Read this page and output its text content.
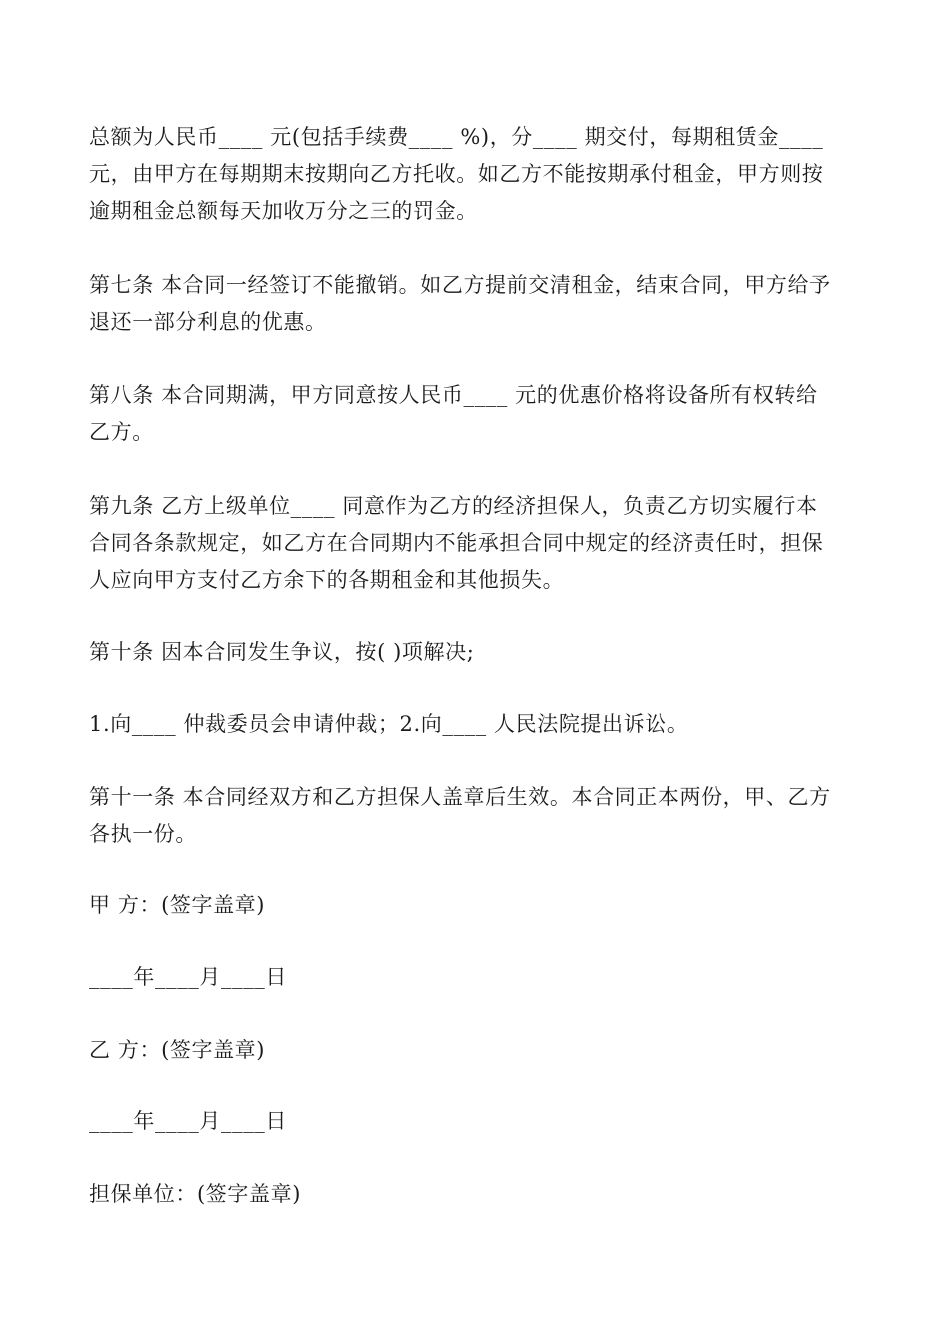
总额为人民币____ 元(包括手续费____ %)，分____ 期交付，每期租赁金____
元，由甲方在每期期末按期向乙方托收。如乙方不能按期承付租金，甲方则按
逾期租金总额每天加收万分之三的罚金。
第七条 本合同一经签订不能撤销。如乙方提前交清租金，结束合同，甲方给予
退还一部分利息的优惠。
第八条 本合同期满，甲方同意按人民币____ 元的优惠价格将设备所有权转给
乙方。
第九条 乙方上级单位____ 同意作为乙方的经济担保人，负责乙方切实履行本
合同各条款规定，如乙方在合同期内不能承担合同中规定的经济责任时，担保
人应向甲方支付乙方余下的各期租金和其他损失。
第十条 因本合同发生争议，按( )项解决;
1.向____ 仲裁委员会申请仲裁；2.向____ 人民法院提出诉讼。
第十一条 本合同经双方和乙方担保人盖章后生效。本合同正本两份，甲、乙方
各执一份。
甲 方：(签字盖章)
____年____月____日
乙 方：(签字盖章)
____年____月____日
担保单位：(签字盖章)
